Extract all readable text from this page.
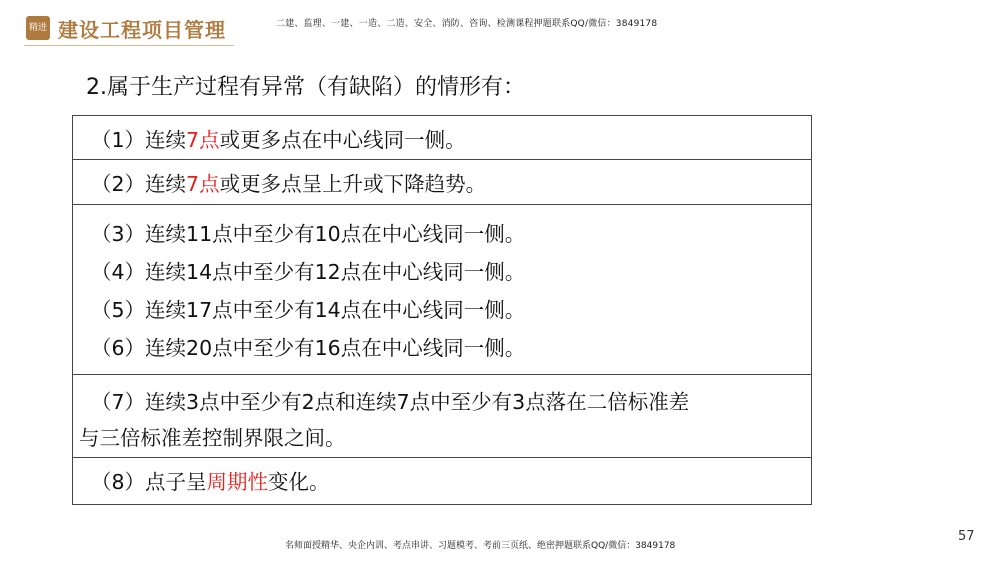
精进 建设工程项目管理	二建、监理、一建、一造、二造、安全、消防、咨询、检测课程押题联系QQ/微信：3849178
2.属于生产过程有异常（有缺陷）的情形有：
（1）连续7点或更多点在中心线同一侧。
（2）连续7点或更多点呈上升或下降趋势。
（3）连续11点中至少有10点在中心线同一侧。
（4）连续14点中至少有12点在中心线同一侧。
（5）连续17点中至少有14点在中心线同一侧。
（6）连续20点中至少有16点在中心线同一侧。
（7）连续3点中至少有2点和连续7点中至少有3点落在二倍标准差
与三倍标准差控制界限之间。
（8）点子呈周期性变化。
名师面授精华、央企内训、考点串讲、习题模考、考前三页纸、绝密押题联系QQ/微信：3849178
57
